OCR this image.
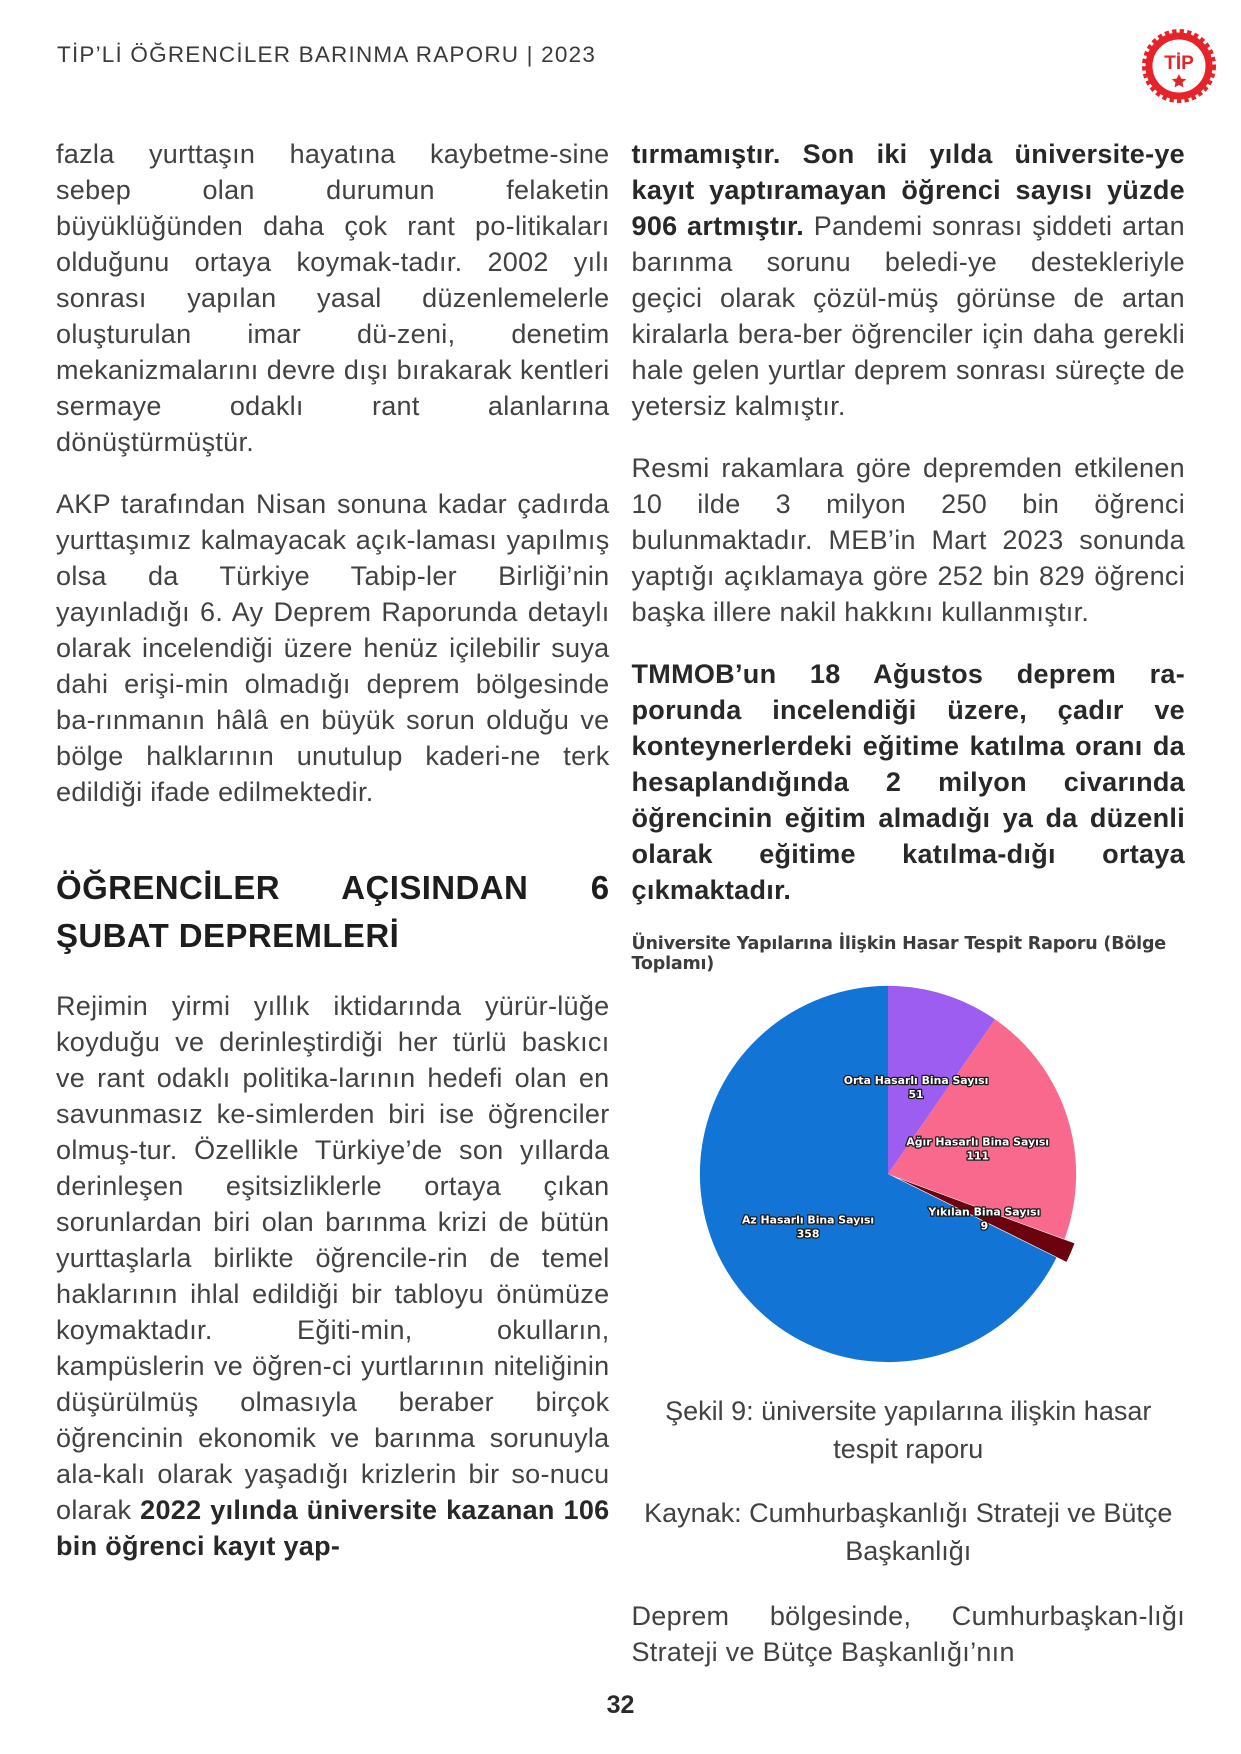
TİP’Lİ ÖĞRENCİLER BARINMA RAPORU | 2023	TİP

fazla yurttaşın hayatına kaybetme-sine sebep olan durumun felaketin büyüklüğünden daha çok rant po-litikaları olduğunu ortaya koymak-tadır. 2002 yılı sonrası yapılan yasal düzenlemelerle oluşturulan imar dü-zeni, denetim mekanizmalarını devre dışı bırakarak kentleri sermaye odaklı rant alanlarına dönüştürmüştür.

AKP tarafından Nisan sonuna kadar çadırda yurttaşımız kalmayacak açık-laması yapılmış olsa da Türkiye Tabip-ler Birliği’nin yayınladığı 6. Ay Deprem Raporunda detaylı olarak incelendiği üzere henüz içilebilir suya dahi erişi-min olmadığı deprem bölgesinde ba-rınmanın hâlâ en büyük sorun olduğu ve bölge halklarının unutulup kaderi-ne terk edildiği ifade edilmektedir.

ÖĞRENCİLER AÇISINDAN 6
ŞUBAT DEPREMLERİ

Rejimin yirmi yıllık iktidarında yürür-lüğe koyduğu ve derinleştirdiği her türlü baskıcı ve rant odaklı politika-larının hedefi olan en savunmasız ke-simlerden biri ise öğrenciler olmuş-tur. Özellikle Türkiye’de son yıllarda derinleşen eşitsizliklerle ortaya çıkan sorunlardan biri olan barınma krizi de bütün yurttaşlarla birlikte öğrencile-rin de temel haklarının ihlal edildiği bir tabloyu önümüze koymaktadır. Eğiti-min, okulların, kampüslerin ve öğren-ci yurtlarının niteliğinin düşürülmüş olmasıyla beraber birçok öğrencinin ekonomik ve barınma sorunuyla ala-kalı olarak yaşadığı krizlerin bir so-nucu olarak 2022 yılında üniversite kazanan 106 bin öğrenci kayıt yap-

tırmamıştır. Son iki yılda üniversite-ye kayıt yaptıramayan öğrenci sayısı yüzde 906 artmıştır. Pandemi sonrası şiddeti artan barınma sorunu beledi-ye destekleriyle geçici olarak çözül-müş görünse de artan kiralarla bera-ber öğrenciler için daha gerekli hale gelen yurtlar deprem sonrası süreçte de yetersiz kalmıştır.

Resmi rakamlara göre depremden etkilenen 10 ilde 3 milyon 250 bin öğrenci bulunmaktadır. MEB’in Mart 2023 sonunda yaptığı açıklamaya göre 252 bin 829 öğrenci başka illere nakil hakkını kullanmıştır.

TMMOB’un 18 Ağustos deprem ra-porunda incelendiği üzere, çadır ve konteynerlerdeki eğitime katılma oranı da hesaplandığında 2 milyon civarında öğrencinin eğitim almadığı ya da düzenli olarak eğitime katılma-dığı ortaya çıkmaktadır.

Üniversite Yapılarına İlişkin Hasar Tespit Raporu (Bölge Toplamı)
Orta Hasarlı Bina Sayısı
51
Ağır Hasarlı Bina Sayısı
111
Yıkılan Bina Sayısı
9
Az Hasarlı Bina Sayısı
358

Şekil 9: üniversite yapılarına ilişkin hasar tespit raporu

Kaynak: Cumhurbaşkanlığı Strateji ve Bütçe Başkanlığı

Deprem bölgesinde, Cumhurbaşkan-lığı Strateji ve Bütçe Başkanlığı’nın

32
